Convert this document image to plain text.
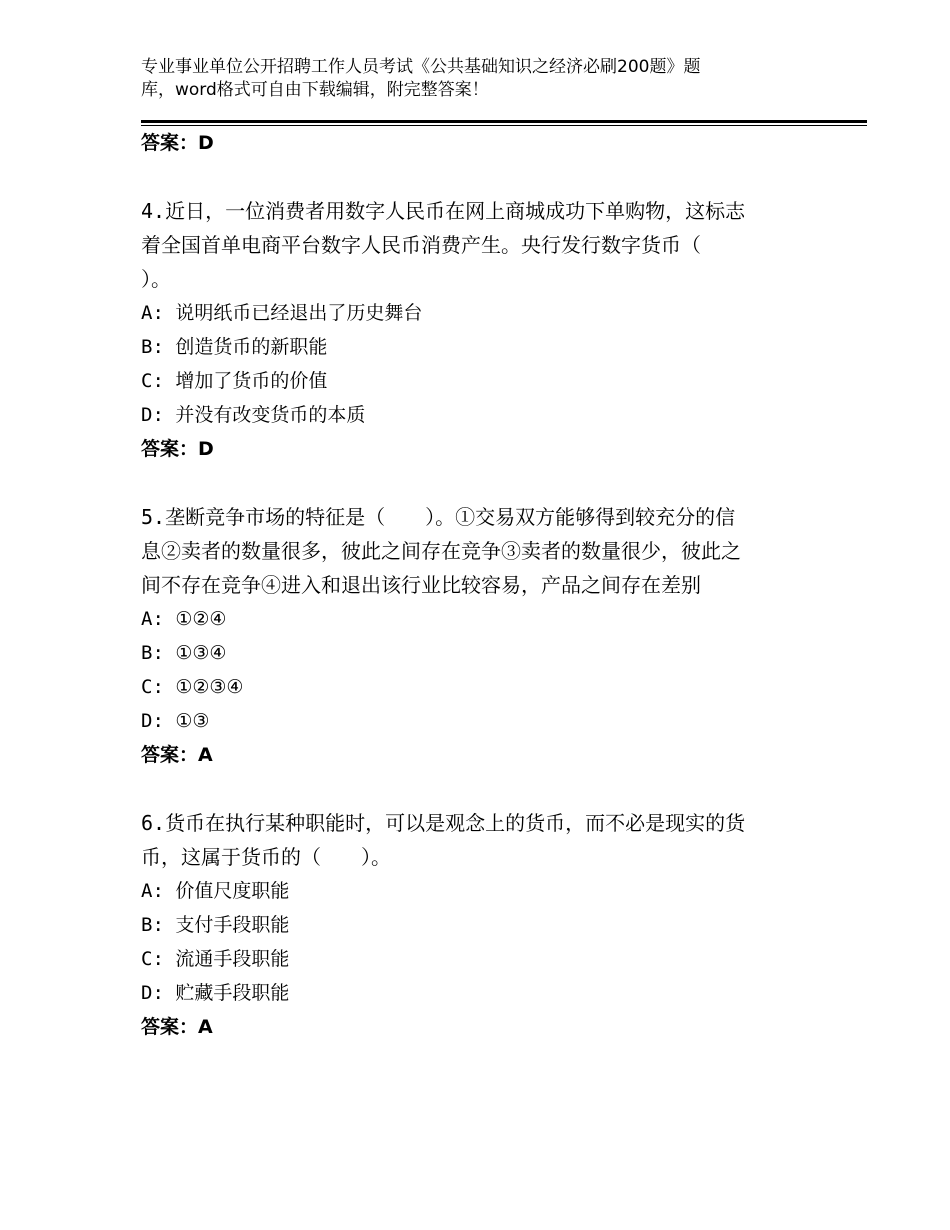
专业事业单位公开招聘工作人员考试《公共基础知识之经济必刷200题》题
库，word格式可自由下载编辑，附完整答案！
答案：D
4.近日，一位消费者用数字人民币在网上商城成功下单购物，这标志
着全国首单电商平台数字人民币消费产生。央行发行数字货币（
）。
A: 说明纸币已经退出了历史舞台
B: 创造货币的新职能
C: 增加了货币的价值
D: 并没有改变货币的本质
答案：D
5.垄断竞争市场的特征是（　　）。①交易双方能够得到较充分的信
息②卖者的数量很多，彼此之间存在竞争③卖者的数量很少，彼此之
间不存在竞争④进入和退出该行业比较容易，产品之间存在差别
A: ①②④
B: ①③④
C: ①②③④
D: ①③
答案：A
6.货币在执行某种职能时，可以是观念上的货币，而不必是现实的货
币，这属于货币的（　　）。
A: 价值尺度职能
B: 支付手段职能
C: 流通手段职能
D: 贮藏手段职能
答案：A
